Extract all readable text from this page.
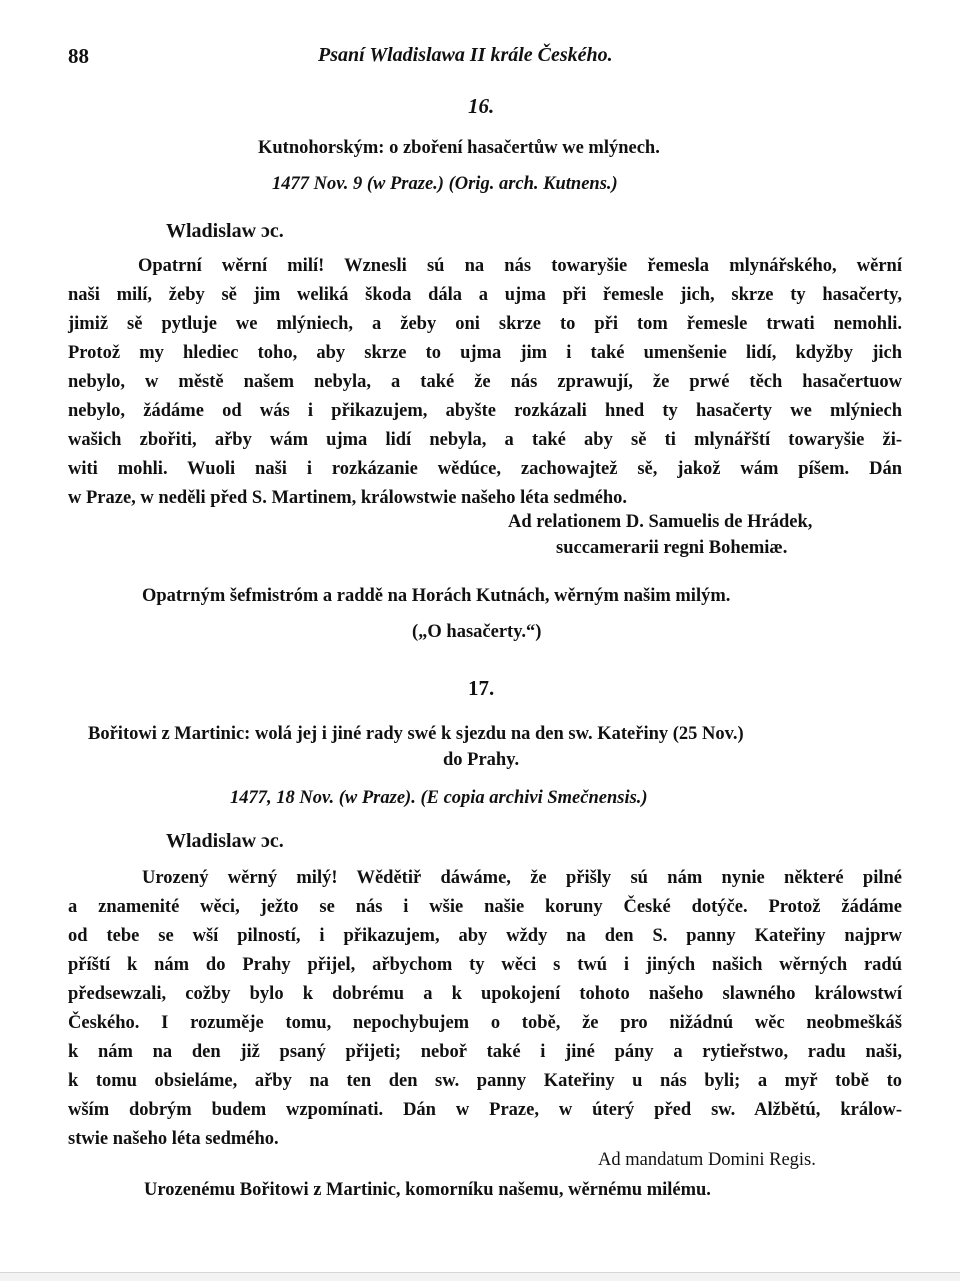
88	Psaní Wladislawa II krále Českého.
16.
Kutnohorským: o zboření hasačertůw we mlýnech.
1477 Nov. 9 (w Praze.) (Orig. arch. Kutnens.)
Wladislaw ɔc.
Opatrní wěrní milí! Wznesli sú na nás towaryšie řemesla mlynářského, wěrní
naši milí, žeby sě jim weliká škoda dála a ujma při řemesle jich, skrze ty hasačerty,
jimiž sě pytluje we mlýniech, a žeby oni skrze to při tom řemesle trwati nemohli.
Protož my hlediec toho, aby skrze to ujma jim i také umenšenie lidí, kdyžby jich
nebylo, w městě našem nebyla, a také že nás zprawují, že prwé těch hasačertuow
nebylo, žádáme od wás i přikazujem, abyšte rozkázali hned ty hasačerty we mlýniech
wašich zbořiti, ařby wám ujma lidí nebyla, a také aby sě ti mlynářští towaryšie ži-
witi mohli. Wuoli naši i rozkázanie wědúce, zachowajtež sě, jakož wám píšem. Dán
w Praze, w neděli před S. Martinem, králowstwie našeho léta sedmého.
Ad relationem D. Samuelis de Hrádek,
succamerarii regni Bohemiæ.
Opatrným šefmistróm a raddě na Horách Kutnách, wěrným našim milým.
(„O hasačerty.“)
17.
Bořitowi z Martinic: wolá jej i jiné rady swé k sjezdu na den sw. Kateřiny (25 Nov.)
do Prahy.
1477, 18 Nov. (w Praze). (E copia archivi Smečnensis.)
Wladislaw ɔc.
Urozený wěrný milý! Wědětiř dáwáme, že přišly sú nám nynie některé pilné
a znamenité wěci, ježto se nás i wšie našie koruny České dotýče. Protož žádáme
od tebe se wší pilností, i přikazujem, aby wždy na den S. panny Kateřiny najprw
příští k nám do Prahy přijel, ařbychom ty wěci s twú i jiných našich wěrných radú
předsewzali, cožby bylo k dobrému a k upokojení tohoto našeho slawného králowstwí
Českého. I rozuměje tomu, nepochybujem o tobě, že pro nižádnú wěc neobmeškáš
k nám na den již psaný přijeti; neboř také i jiné pány a rytieřstwo, radu naši,
k tomu obsieláme, ařby na ten den sw. panny Kateřiny u nás byli; a myř tobě to
wším dobrým budem wzpomínati. Dán w Praze, w úterý před sw. Alžbětú, králow-
stwie našeho léta sedmého.
Ad mandatum Domini Regis.
Urozenému Bořitowi z Martinic, komorníku našemu, wěrnému milému.
